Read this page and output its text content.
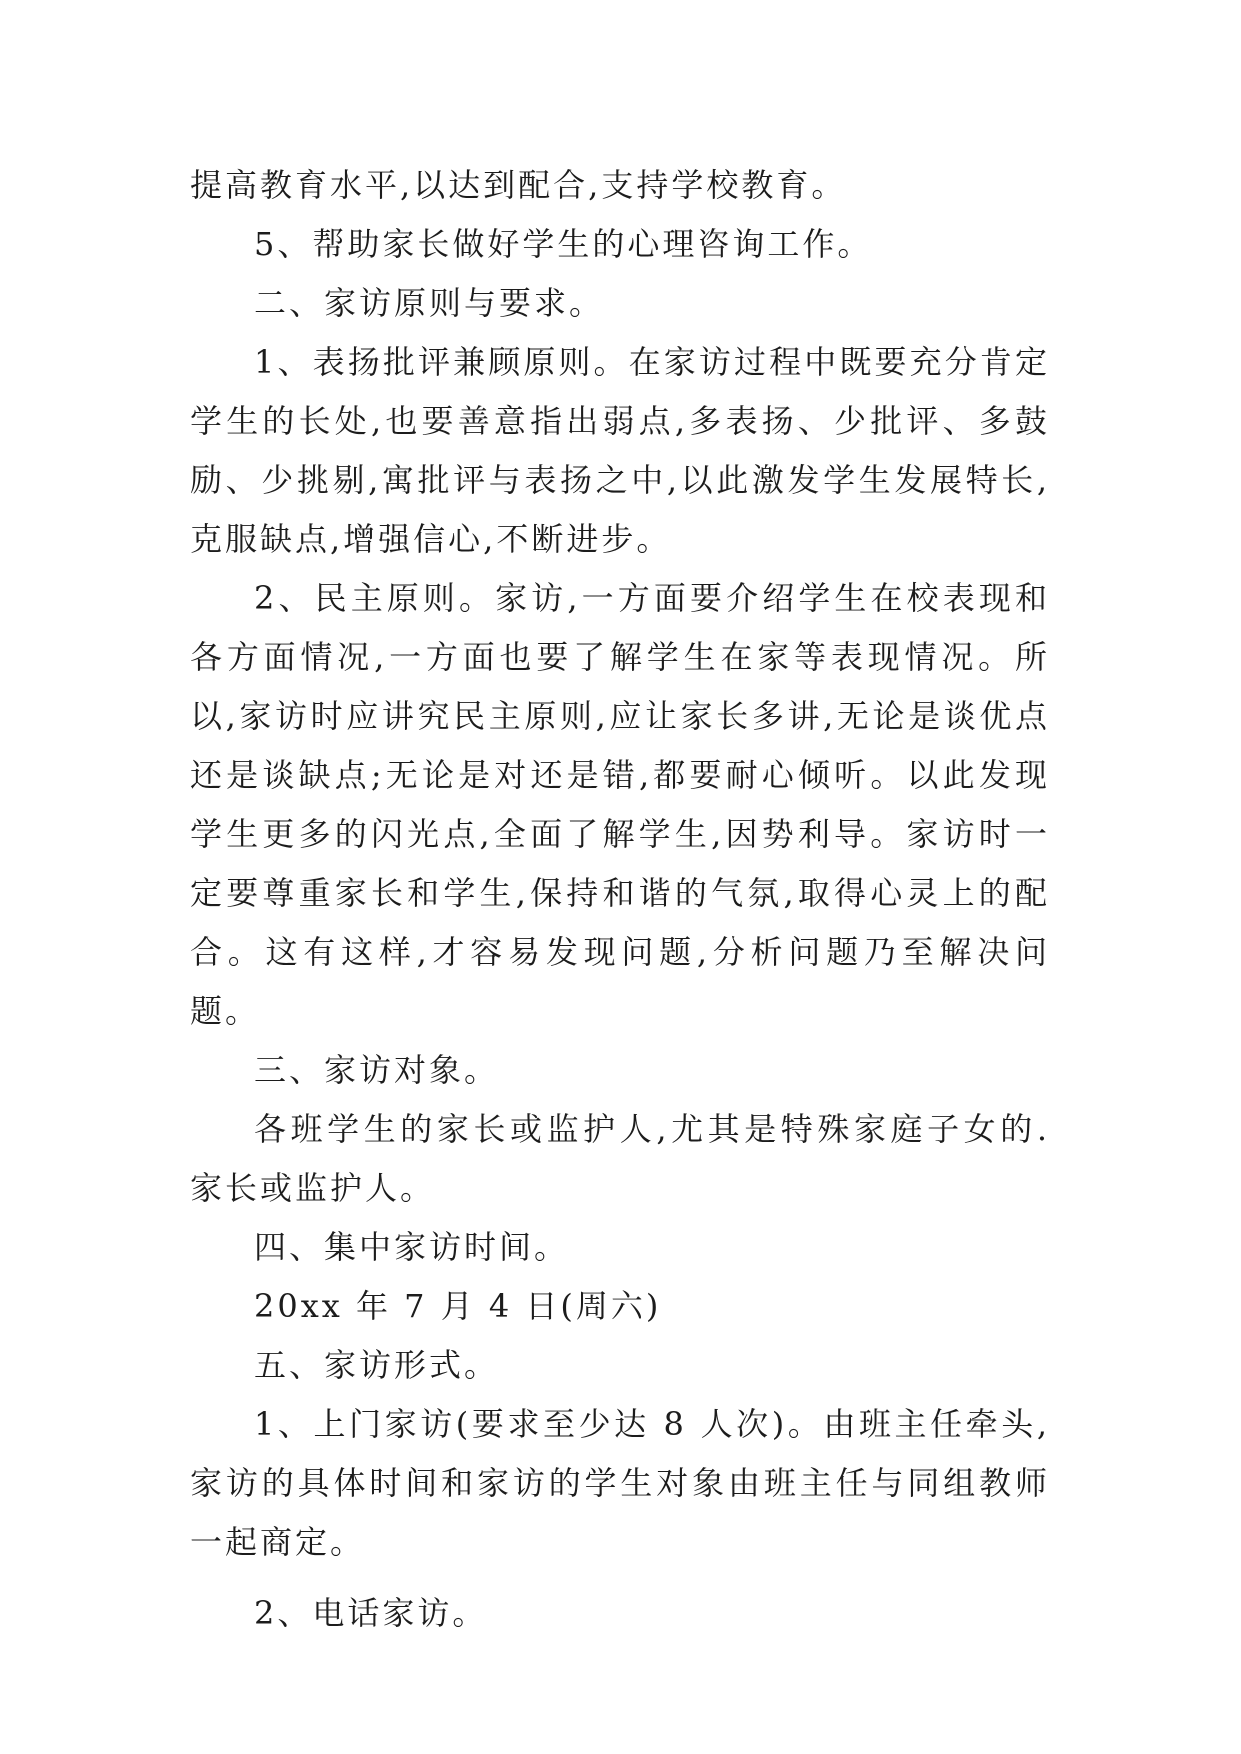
提高教育水平,以达到配合,支持学校教育。

5、帮助家长做好学生的心理咨询工作。

二、家访原则与要求。

1、表扬批评兼顾原则。在家访过程中既要充分肯定学生的长处,也要善意指出弱点,多表扬、少批评、多鼓励、少挑剔,寓批评与表扬之中,以此激发学生发展特长,克服缺点,增强信心,不断进步。

2、民主原则。家访,一方面要介绍学生在校表现和各方面情况,一方面也要了解学生在家等表现情况。所以,家访时应讲究民主原则,应让家长多讲,无论是谈优点还是谈缺点;无论是对还是错,都要耐心倾听。以此发现学生更多的闪光点,全面了解学生,因势利导。家访时一定要尊重家长和学生,保持和谐的气氛,取得心灵上的配合。这有这样,才容易发现问题,分析问题乃至解决问题。

三、家访对象。

各班学生的家长或监护人,尤其是特殊家庭子女的.家长或监护人。

四、集中家访时间。

20xx 年 7 月 4 日(周六)

五、家访形式。

1、上门家访(要求至少达 8 人次)。由班主任牵头,家访的具体时间和家访的学生对象由班主任与同组教师一起商定。

2、电话家访。
